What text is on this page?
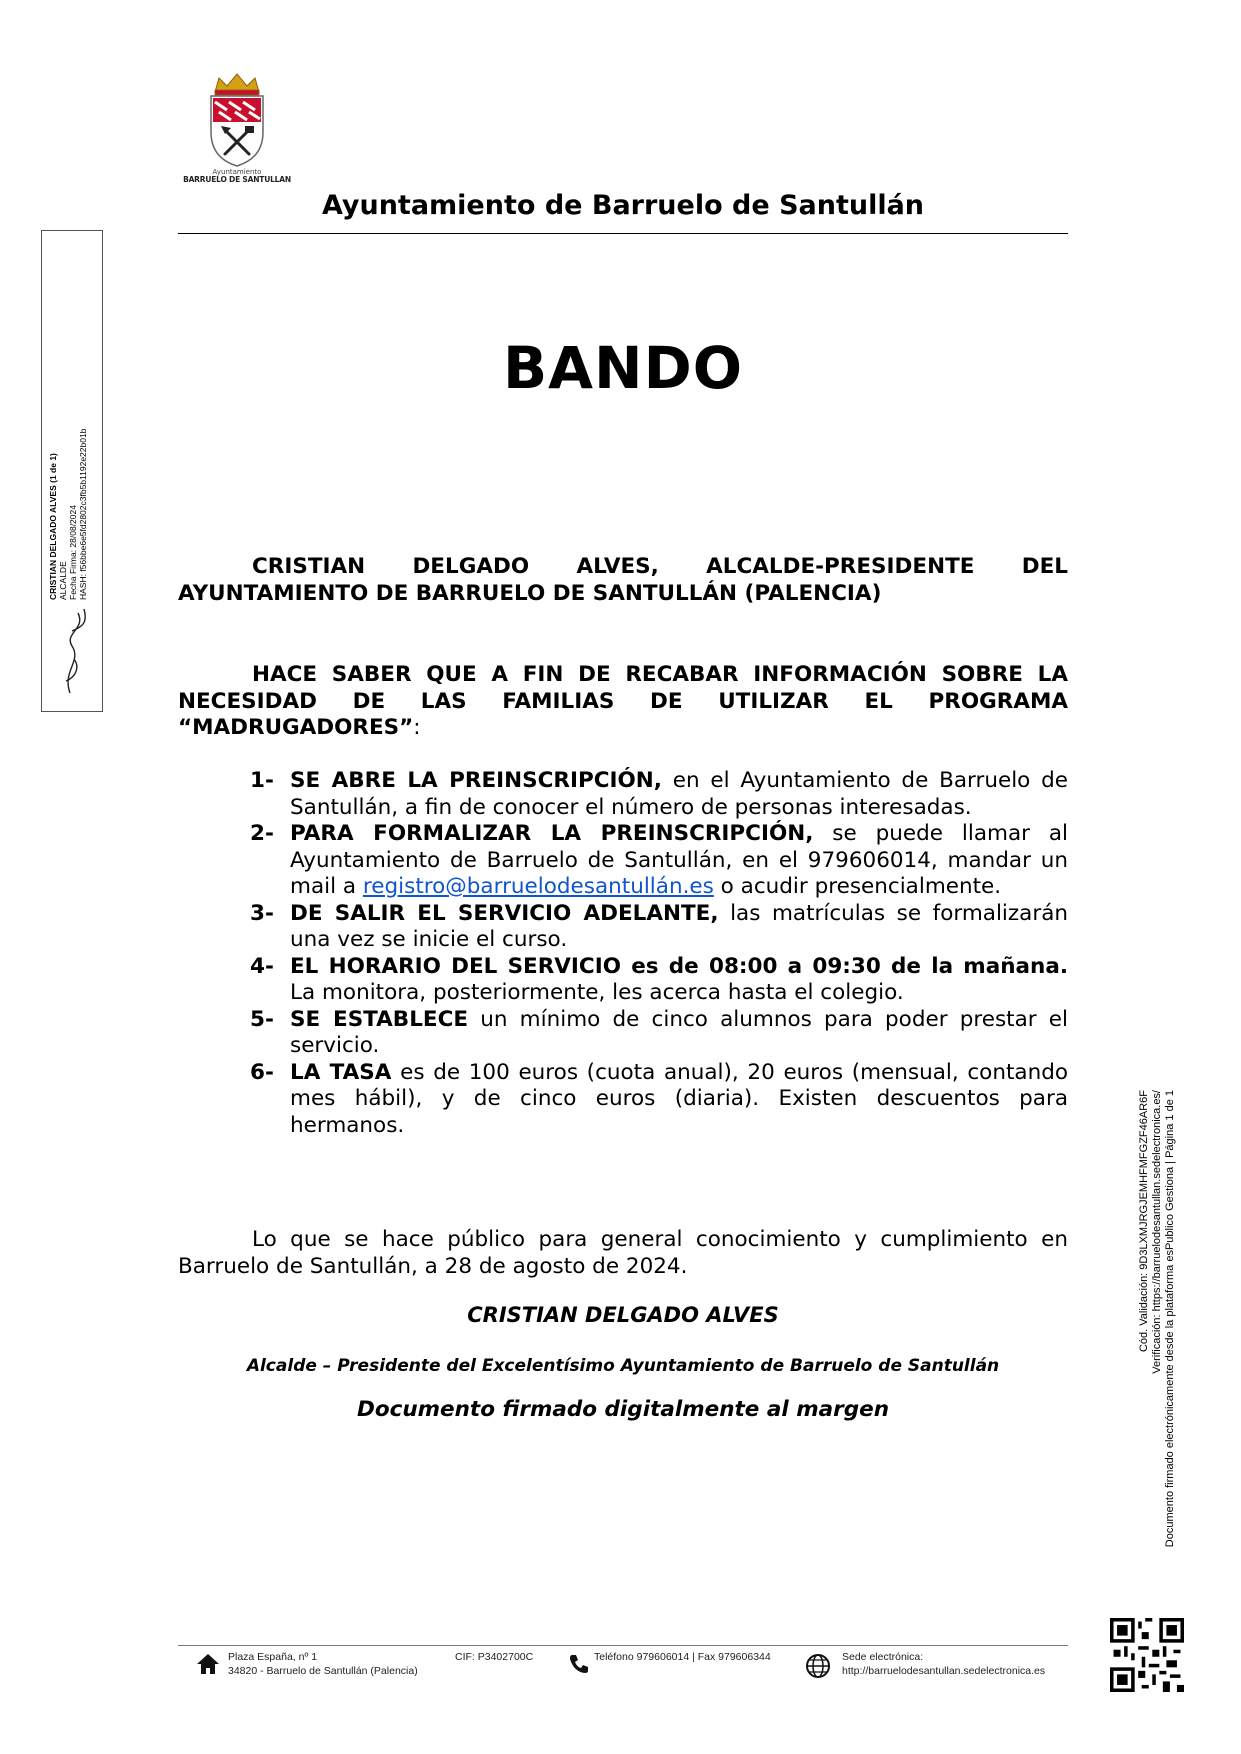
Ayuntamiento
BARRUELO DE SANTULLAN
Ayuntamiento de Barruelo de Santullán
BANDO
CRISTIAN DELGADO ALVES, ALCALDE-PRESIDENTE DEL AYUNTAMIENTO DE BARRUELO DE SANTULLÁN (PALENCIA)
HACE SABER QUE A FIN DE RECABAR INFORMACIÓN SOBRE LA NECESIDAD DE LAS FAMILIAS DE UTILIZAR EL PROGRAMA “MADRUGADORES”:
1- SE ABRE LA PREINSCRIPCIÓN, en el Ayuntamiento de Barruelo de Santullán, a fin de conocer el número de personas interesadas.
2- PARA FORMALIZAR LA PREINSCRIPCIÓN, se puede llamar al Ayuntamiento de Barruelo de Santullán, en el 979606014, mandar un mail a registro@barruelodesantullán.es o acudir presencialmente.
3- DE SALIR EL SERVICIO ADELANTE, las matrículas se formalizarán una vez se inicie el curso.
4- EL HORARIO DEL SERVICIO es de 08:00 a 09:30 de la mañana. La monitora, posteriormente, les acerca hasta el colegio.
5- SE ESTABLECE un mínimo de cinco alumnos para poder prestar el servicio.
6- LA TASA es de 100 euros (cuota anual), 20 euros (mensual, contando mes hábil), y de cinco euros (diaria). Existen descuentos para hermanos.
Lo que se hace público para general conocimiento y cumplimiento en Barruelo de Santullán, a 28 de agosto de 2024.
CRISTIAN DELGADO ALVES
Alcalde – Presidente del Excelentísimo Ayuntamiento de Barruelo de Santullán
Documento firmado digitalmente al margen
CRISTIAN DELGADO ALVES (1 de 1) ALCALDE Fecha Firma: 28/08/2024 HASH: f56bbe6e5fd2802c3fb5b1192e22b01b
Cód. Validación: 9D3LXMJRGJEMHFMFGZF46AR6F Verificación: https://barruelodesantullan.sedelectronica.es/ Documento firmado electrónicamente desde la plataforma esPublico Gestiona | Página 1 de 1
Plaza España, nº 1
34820 - Barruelo de Santullán (Palencia)
CIF: P3402700C	Teléfono 979606014 | Fax 979606344	Sede electrónica:
http://barruelodesantullan.sedelectronica.es
